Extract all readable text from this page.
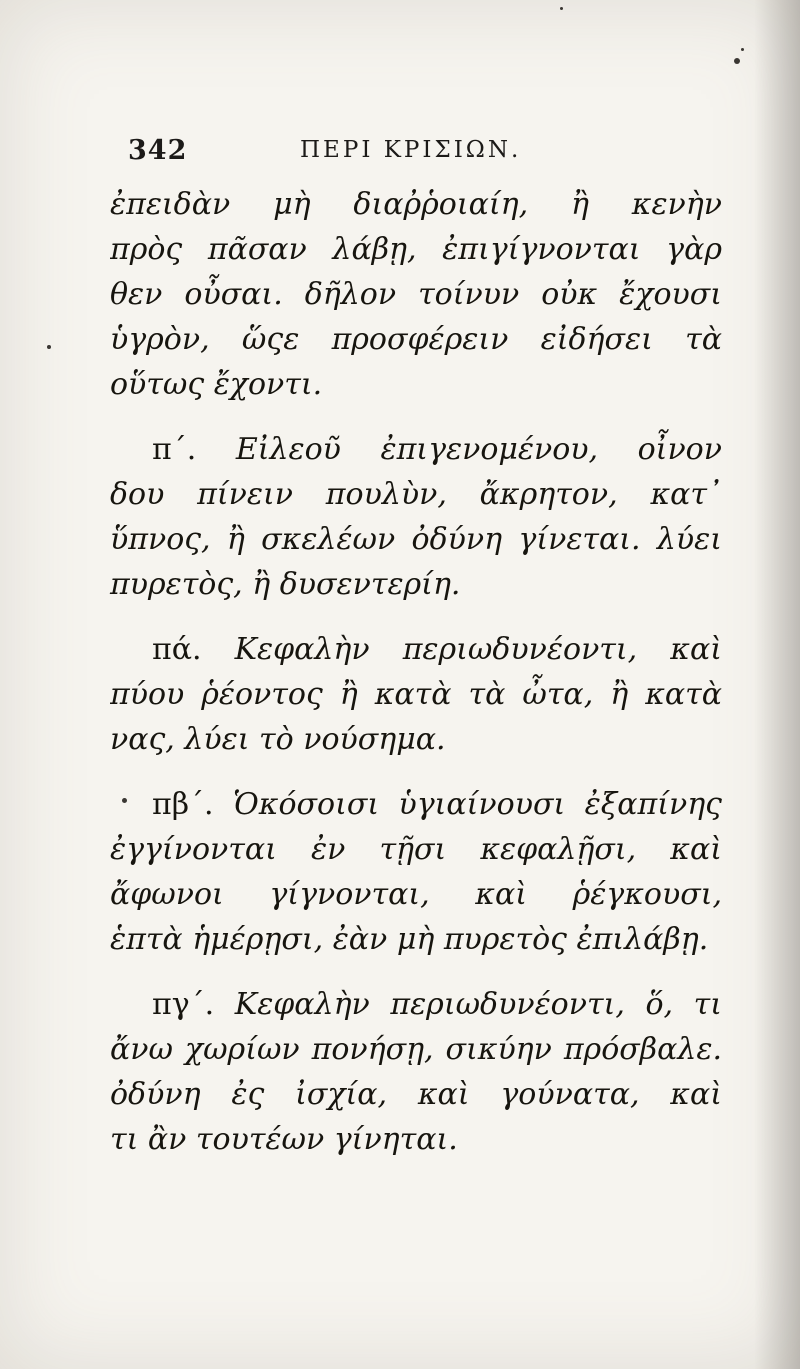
342	ΠΕΡΙ ΚΡΙΣΙΩΝ.
ἐπειδὰν μὴ διαῤῥοιαίη, ἢ κενὴν
πρὸς πᾶσαν λάβῃ, ἐπιγίγνονται γὰρ
θεν οὖσαι. δῆλον τοίνυν οὐκ ἔχουσι
ὑγρὸν, ὥςε προσφέρειν εἰδήσει τὰ
οὕτως ἔχοντι.
π΄. Εἰλεοῦ ἐπιγενομένου, οἶνον
δου πίνειν πουλὺν, ἄκρητον, κατ᾽
ὕπνος, ἢ σκελέων ὀδύνη γίνεται. λύει
πυρετὸς, ἢ δυσεντερίη.
πά. Κεφαλὴν περιωδυνέοντι, καὶ
πύου ῥέοντος ἢ κατὰ τὰ ὦτα, ἢ κατὰ
νας, λύει τὸ νούσημα.
πβ΄. Ὁκόσοισι ὑγιαίνουσι ἐξαπίνης
ἐγγίνονται ἐν τῇσι κεφαλῇσι, καὶ
ἄφωνοι γίγνονται, καὶ ῥέγκουσι,
ἑπτὰ ἡμέρῃσι, ἐὰν μὴ πυρετὸς ἐπιλάβῃ.
πγ΄. Κεφαλὴν περιωδυνέοντι, ὅ, τι
ἄνω χωρίων πονήσῃ, σικύην πρόσβαλε.
ὀδύνη ἐς ἰσχία, καὶ γούνατα, καὶ
τι ἂν τουτέων γίνηται.
